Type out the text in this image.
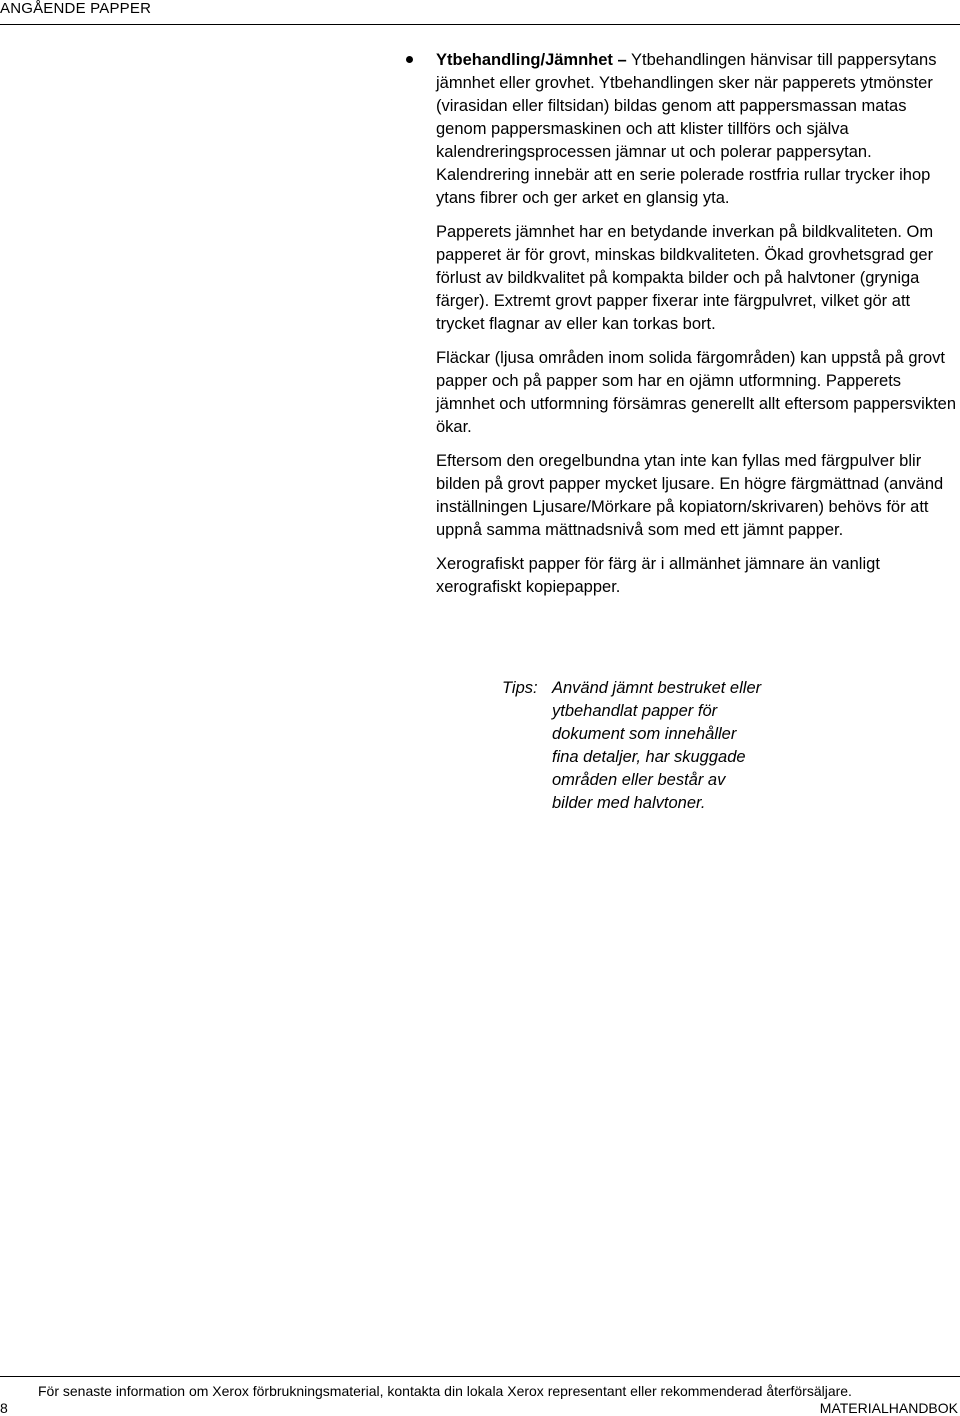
ANGÅENDE PAPPER

Ytbehandling/Jämnhet – Ytbehandlingen hänvisar till pappersytans jämnhet eller grovhet. Ytbehandlingen sker när papperets ytmönster (virasidan eller filtsidan) bildas genom att pappersmassan matas genom pappersmaskinen och att klister tillförs och själva kalendreringsprocessen jämnar ut och polerar pappersytan. Kalendrering innebär att en serie polerade rostfria rullar trycker ihop ytans fibrer och ger arket en glansig yta.

Papperets jämnhet har en betydande inverkan på bildkvaliteten. Om papperet är för grovt, minskas bildkvaliteten. Ökad grovhetsgrad ger förlust av bildkvalitet på kompakta bilder och på halvtoner (gryniga färger). Extremt grovt papper fixerar inte färgpulvret, vilket gör att trycket flagnar av eller kan torkas bort.

Fläckar (ljusa områden inom solida färgområden) kan uppstå på grovt papper och på papper som har en ojämn utformning. Papperets jämnhet och utformning försämras generellt allt eftersom pappersvikten ökar.

Eftersom den oregelbundna ytan inte kan fyllas med färgpulver blir bilden på grovt papper mycket ljusare. En högre färgmättnad (använd inställningen Ljusare/Mörkare på kopiatorn/skrivaren) behövs för att uppnå samma mättnadsnivå som med ett jämnt papper.

Xerografiskt papper för färg är i allmänhet jämnare än vanligt xerografiskt kopiepapper.

Tips: Använd jämnt bestruket eller
ytbehandlat papper för
dokument som innehåller
fina detaljer, har skuggade
områden eller består av
bilder med halvtoner.
För senaste information om Xerox förbrukningsmaterial, kontakta din lokala Xerox representant eller rekommenderad återförsäljare.
8	MATERIALHANDBOK
